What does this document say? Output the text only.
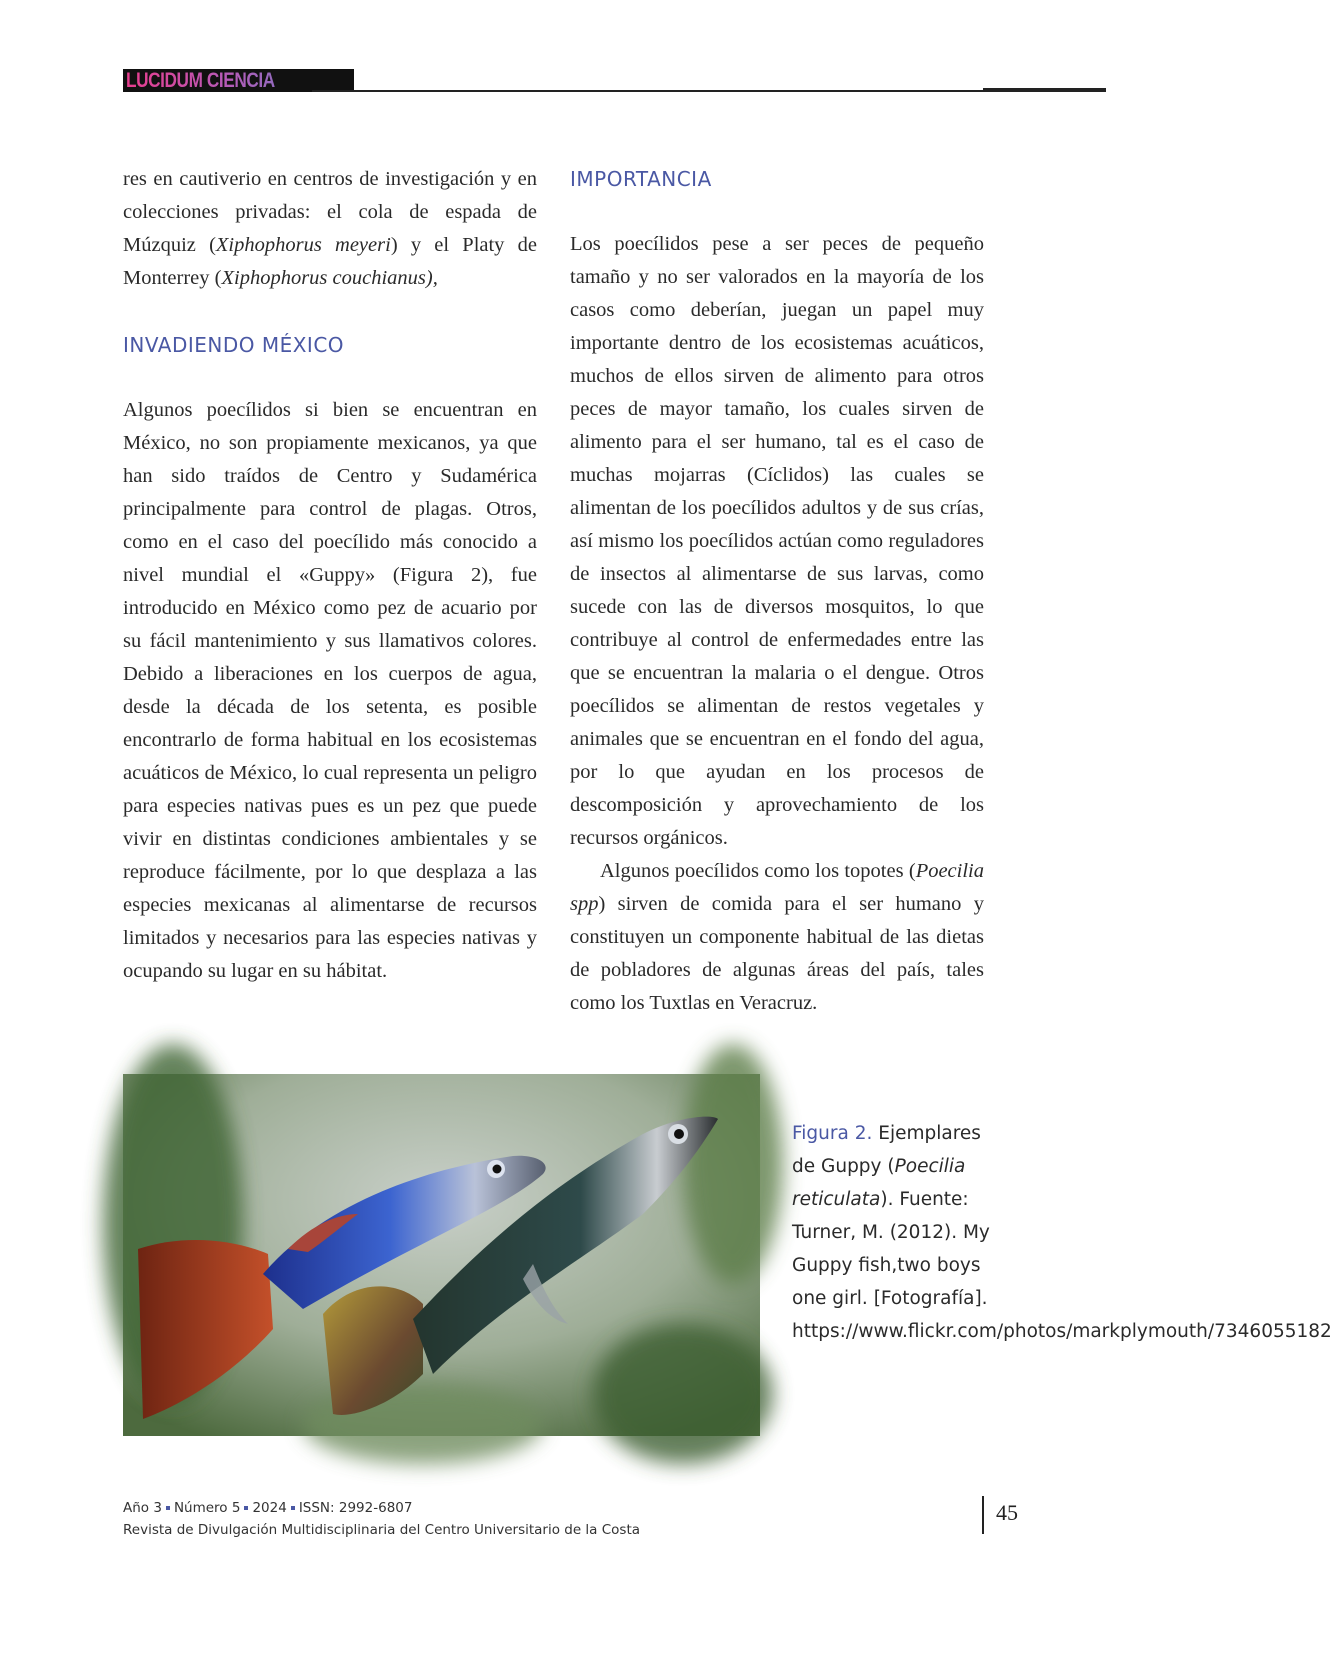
LUCIDUM CIENCIA

res en cautiverio en centros de investigación y en colecciones privadas: el cola de espada de Múzquiz (Xiphophorus meyeri) y el Platy de Monterrey (Xiphophorus couchianus),

INVADIENDO MÉXICO

Algunos poecílidos si bien se encuentran en México, no son propiamente mexicanos, ya que han sido traídos de Centro y Sudamérica principalmente para control de plagas. Otros, como en el caso del poecílido más conocido a nivel mundial el «Guppy» (Figura 2), fue introducido en México como pez de acuario por su fácil mantenimiento y sus llamativos colores. Debido a liberaciones en los cuerpos de agua, desde la década de los setenta, es posible encontrarlo de forma habitual en los ecosistemas acuáticos de México, lo cual representa un peligro para especies nativas pues es un pez que puede vivir en distintas condiciones ambientales y se reproduce fácilmente, por lo que desplaza a las especies mexicanas al alimentarse de recursos limitados y necesarios para las especies nativas y ocupando su lugar en su hábitat.

IMPORTANCIA

Los poecílidos pese a ser peces de pequeño tamaño y no ser valorados en la mayoría de los casos como deberían, juegan un papel muy importante dentro de los ecosistemas acuáticos, muchos de ellos sirven de alimento para otros peces de mayor tamaño, los cuales sirven de alimento para el ser humano, tal es el caso de muchas mojarras (Cíclidos) las cuales se alimentan de los poecílidos adultos y de sus crías, así mismo los poecílidos actúan como reguladores de insectos al alimentarse de sus larvas, como sucede con las de diversos mosquitos, lo que contribuye al control de enfermedades entre las que se encuentran la malaria o el dengue. Otros poecílidos se alimentan de restos vegetales y animales que se encuentran en el fondo del agua, por lo que ayudan en los procesos de descomposición y aprovechamiento de los recursos orgánicos.

Algunos poecílidos como los topotes (Poecilia spp) sirven de comida para el ser humano y constituyen un componente habitual de las dietas de pobladores de algunas áreas del país, tales como los Tuxtlas en Veracruz.

Figura 2. Ejemplares de Guppy (Poecilia reticulata). Fuente: Turner, M. (2012). My Guppy fish,two boys one girl. [Fotografía]. https://www.flickr.com/photos/markplymouth/7346055182
Año 3 Número 5 2024 ISSN: 2992-6807
Revista de Divulgación Multidisciplinaria del Centro Universitario de la Costa
45
